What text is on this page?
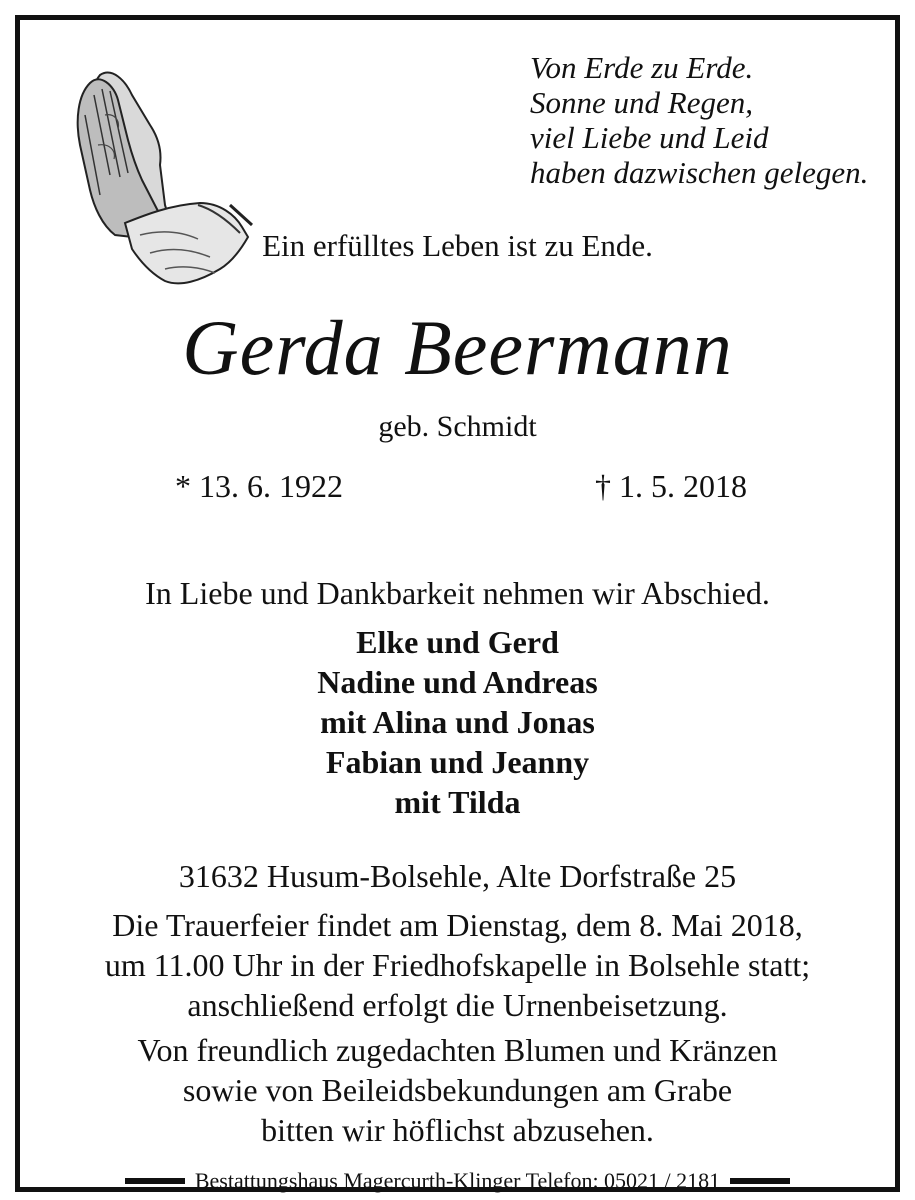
Von Erde zu Erde.
Sonne und Regen,
viel Liebe und Leid
haben dazwischen gelegen.
Ein erfülltes Leben ist zu Ende.
Gerda Beermann
geb. Schmidt
* 13. 6. 1922	† 1. 5. 2018
In Liebe und Dankbarkeit nehmen wir Abschied.
Elke und Gerd
Nadine und Andreas
mit Alina und Jonas
Fabian und Jeanny
mit Tilda
31632 Husum-Bolsehle, Alte Dorfstraße 25
Die Trauerfeier findet am Dienstag, dem 8. Mai 2018,
um 11.00 Uhr in der Friedhofskapelle in Bolsehle statt;
anschließend erfolgt die Urnenbeisetzung.
Von freundlich zugedachten Blumen und Kränzen
sowie von Beileidsbekundungen am Grabe
bitten wir höflichst abzusehen.
Bestattungshaus Magercurth-Klinger Telefon: 05021 / 2181
